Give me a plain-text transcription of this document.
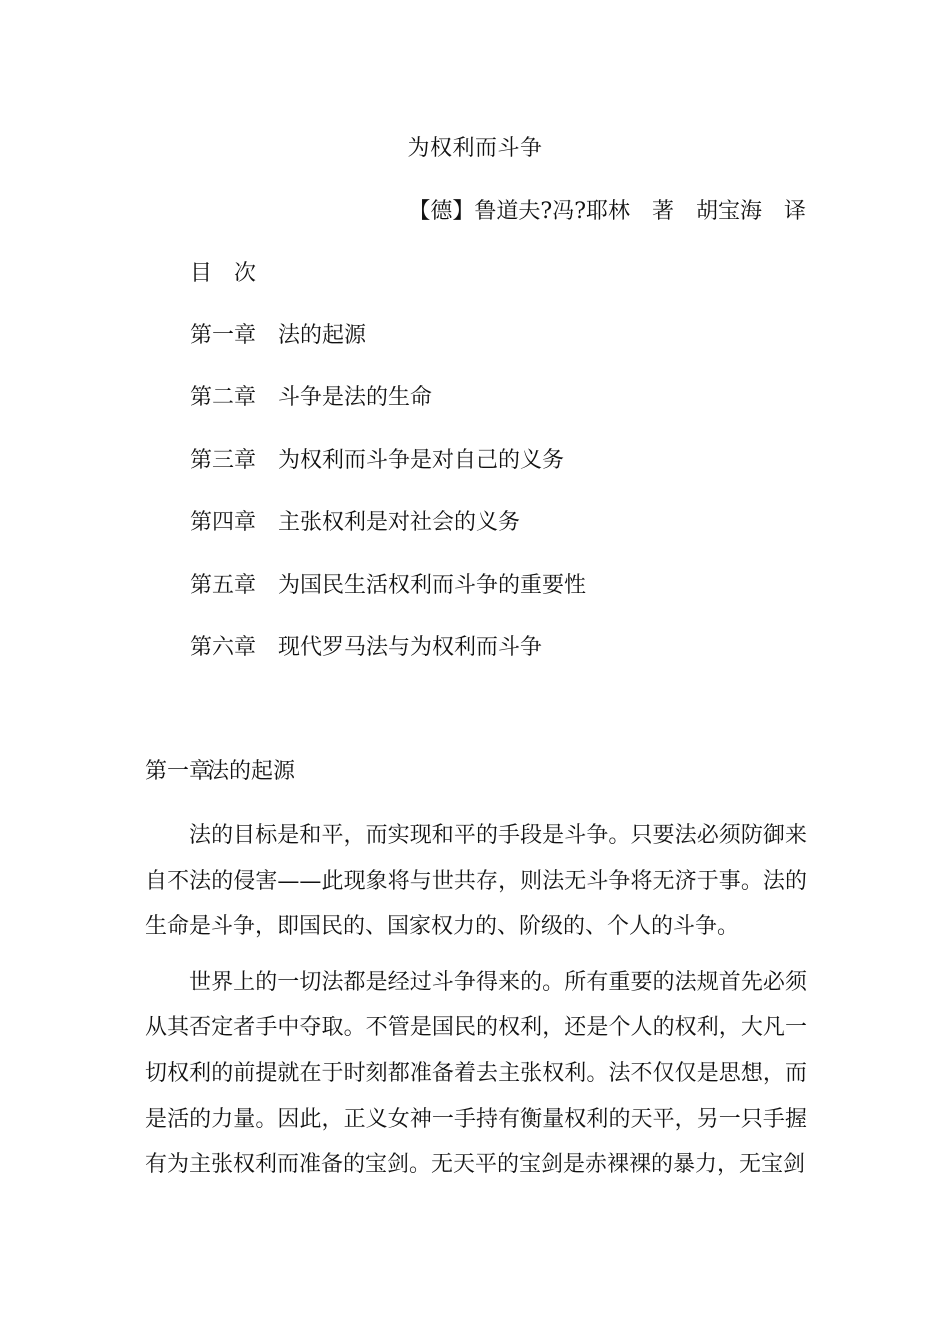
为权利而斗争
【德】鲁道夫?冯?耶林　著　胡宝海　译
目　次
第一章 法的起源
第二章 斗争是法的生命
第三章 为权利而斗争是对自己的义务
第四章 主张权利是对社会的义务
第五章 为国民生活权利而斗争的重要性
第六章 现代罗马法与为权利而斗争
第一章法的起源

法的目标是和平，而实现和平的手段是斗争。只要法必须防御来自不法的侵害——此现象将与世共存，则法无斗争将无济于事。法的生命是斗争，即国民的、国家权力的、阶级的、个人的斗争。

世界上的一切法都是经过斗争得来的。所有重要的法规首先必须从其否定者手中夺取。不管是国民的权利，还是个人的权利，大凡一切权利的前提就在于时刻都准备着去主张权利。法不仅仅是思想，而是活的力量。因此，正义女神一手持有衡量权利的天平，另一只手握有为主张权利而准备的宝剑。无天平的宝剑是赤裸裸的暴力，无宝剑
